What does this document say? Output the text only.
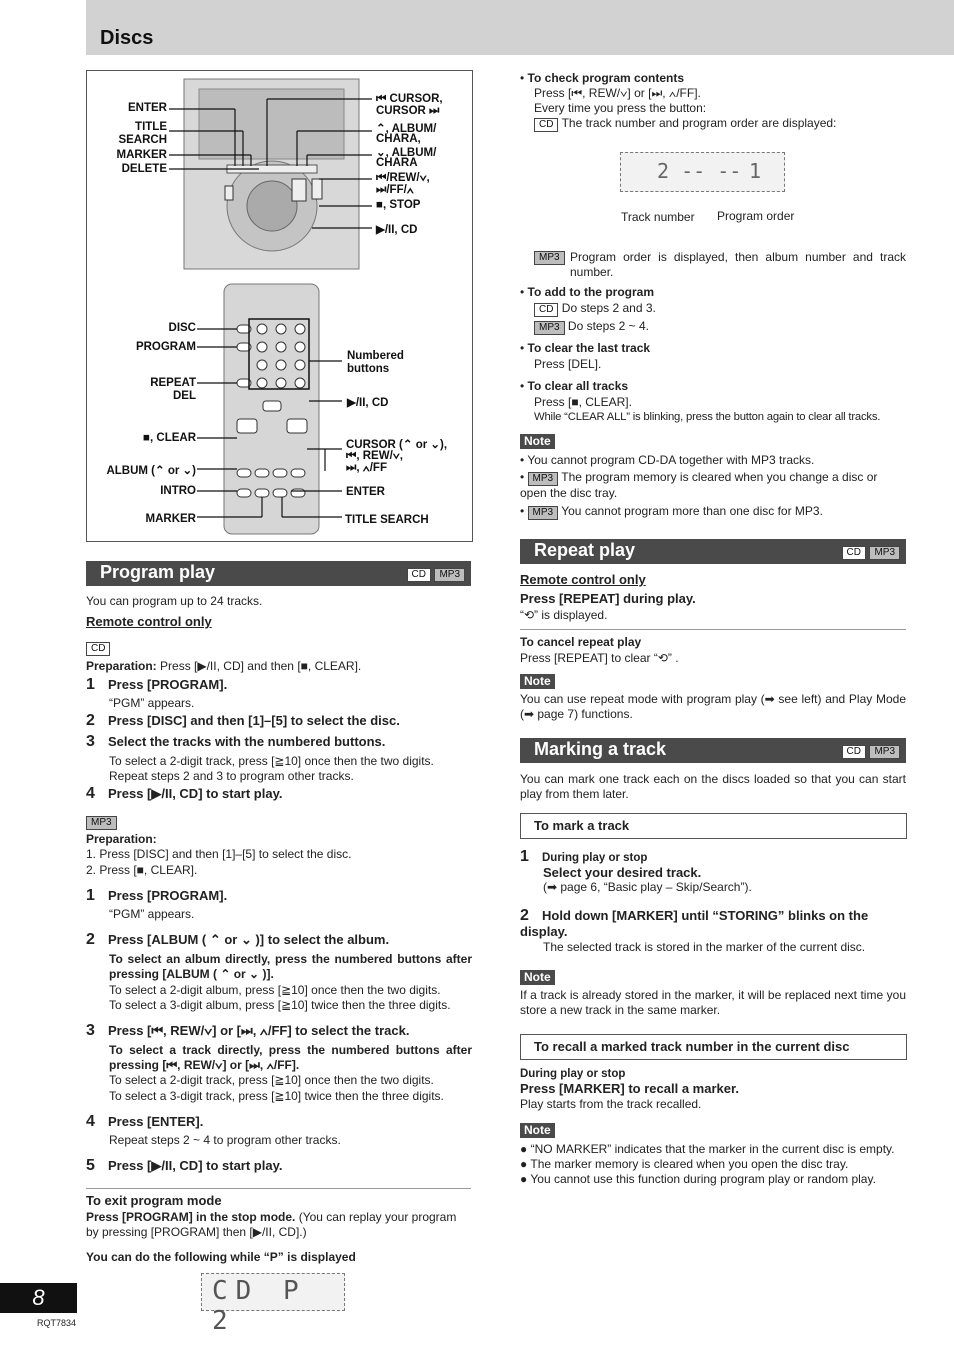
Discs
ENTER
TITLE
SEARCH
MARKER
DELETE
⏮ CURSOR,
CURSOR ⏭
⌃, ALBUM/
CHARA,
⌄, ALBUM/
CHARA
⏮/REW/∨,
⏭/FF/∧
■, STOP
▶/II, CD
DISC
PROGRAM
REPEAT
DEL
■, CLEAR
ALBUM (⌃ or ⌄)
INTRO
MARKER
Numbered
buttons
▶/II, CD
CURSOR (⌃ or ⌄),
⏮, REW/∨,
⏭, ∧/FF
ENTER
TITLE SEARCH
Program play	CD MP3
You can program up to 24 tracks.
Remote control only
CD
Preparation: Press [▶/II, CD] and then [■, CLEAR].
1 Press [PROGRAM].
“PGM” appears.
2 Press [DISC] and then [1]–[5] to select the disc.
3 Select the tracks with the numbered buttons.
To select a 2-digit track, press [≧10] once then the two digits.
Repeat steps 2 and 3 to program other tracks.
4 Press [▶/II, CD] to start play.
MP3
Preparation:
1. Press [DISC] and then [1]–[5] to select the disc.
2. Press [■, CLEAR].
1 Press [PROGRAM].
“PGM” appears.
2 Press [ALBUM ( ⌃ or ⌄ )] to select the album.
To select an album directly, press the numbered buttons after pressing [ALBUM ( ⌃ or ⌄ )].
To select a 2-digit album, press [≧10] once then the two digits.
To select a 3-digit album, press [≧10] twice then the three digits.
3 Press [⏮, REW/∨] or [⏭, ∧/FF] to select the track.
To select a track directly, press the numbered buttons after pressing [⏮, REW/∨] or [⏭, ∧/FF].
To select a 2-digit track, press [≧10] once then the two digits.
To select a 3-digit track, press [≧10] twice then the three digits.
4 Press [ENTER].
Repeat steps 2 ~ 4 to program other tracks.
5 Press [▶/II, CD] to start play.
To exit program mode
Press [PROGRAM] in the stop mode. (You can replay your program by pressing [PROGRAM] then [▶/II, CD].)
You can do the following while “P” is displayed
CD P 2
• To check program contents
Press [⏮, REW/∨] or [⏭, ∧/FF].
Every time you press the button:
CD The track number and program order are displayed:
2 -- -- 1
Track number Program order
MP3 Program order is displayed, then album number and track number.
• To add to the program
CD Do steps 2 and 3.
MP3 Do steps 2 ~ 4.
• To clear the last track
Press [DEL].
• To clear all tracks
Press [■, CLEAR].
While “CLEAR ALL” is blinking, press the button again to clear all tracks.
Note
• You cannot program CD-DA together with MP3 tracks.
• MP3 The program memory is cleared when you change a disc or open the disc tray.
• MP3 You cannot program more than one disc for MP3.
Repeat play	CD MP3
Remote control only
Press [REPEAT] during play.
“⟲” is displayed.
To cancel repeat play
Press [REPEAT] to clear “⟲” .
Note
You can use repeat mode with program play (➡ see left) and Play Mode (➡ page 7) functions.
Marking a track	CD MP3
You can mark one track each on the discs loaded so that you can start play from them later.
To mark a track
1 During play or stop
Select your desired track.
(➡ page 6, “Basic play – Skip/Search”).
2 Hold down [MARKER] until “STORING” blinks on the display.
The selected track is stored in the marker of the current disc.
Note
If a track is already stored in the marker, it will be replaced next time you store a new track in the same marker.
To recall a marked track number in the current disc
During play or stop
Press [MARKER] to recall a marker.
Play starts from the track recalled.
Note
● “NO MARKER” indicates that the marker in the current disc is empty.
● The marker memory is cleared when you open the disc tray.
● You cannot use this function during program play or random play.
8
RQT7834
